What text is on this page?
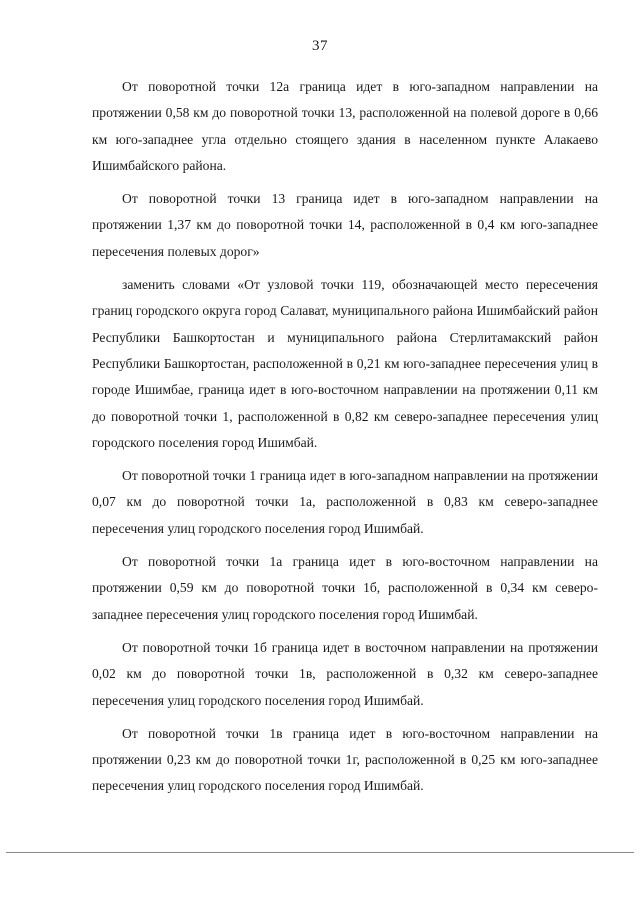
37

От поворотной точки 12а граница идет в юго-западном направлении на протяжении 0,58 км до поворотной точки 13, расположенной на полевой дороге в 0,66 км юго-западнее угла отдельно стоящего здания в населенном пункте Алакаево Ишимбайского района.

От поворотной точки 13 граница идет в юго-западном направлении на протяжении 1,37 км до поворотной точки 14, расположенной в 0,4 км юго-западнее пересечения полевых дорог»

заменить словами «От узловой точки 119, обозначающей место пересечения границ городского округа город Салават, муниципального района Ишимбайский район Республики Башкортостан и муниципального района Стерлитамакский район Республики Башкортостан, расположенной в 0,21 км юго-западнее пересечения улиц в городе Ишимбае, граница идет в юго-восточном направлении на протяжении 0,11 км до поворотной точки 1, расположенной в 0,82 км северо-западнее пересечения улиц городского поселения город Ишимбай.

От поворотной точки 1 граница идет в юго-западном направлении на протяжении 0,07 км до поворотной точки 1а, расположенной в 0,83 км северо-западнее пересечения улиц городского поселения город Ишимбай.

От поворотной точки 1а граница идет в юго-восточном направлении на протяжении 0,59 км до поворотной точки 1б, расположенной в 0,34 км северо-западнее пересечения улиц городского поселения город Ишимбай.

От поворотной точки 1б граница идет в восточном направлении на протяжении 0,02 км до поворотной точки 1в, расположенной в 0,32 км северо-западнее пересечения улиц городского поселения город Ишимбай.

От поворотной точки 1в граница идет в юго-восточном направлении на протяжении 0,23 км до поворотной точки 1г, расположенной в 0,25 км юго-западнее пересечения улиц городского поселения город Ишимбай.
